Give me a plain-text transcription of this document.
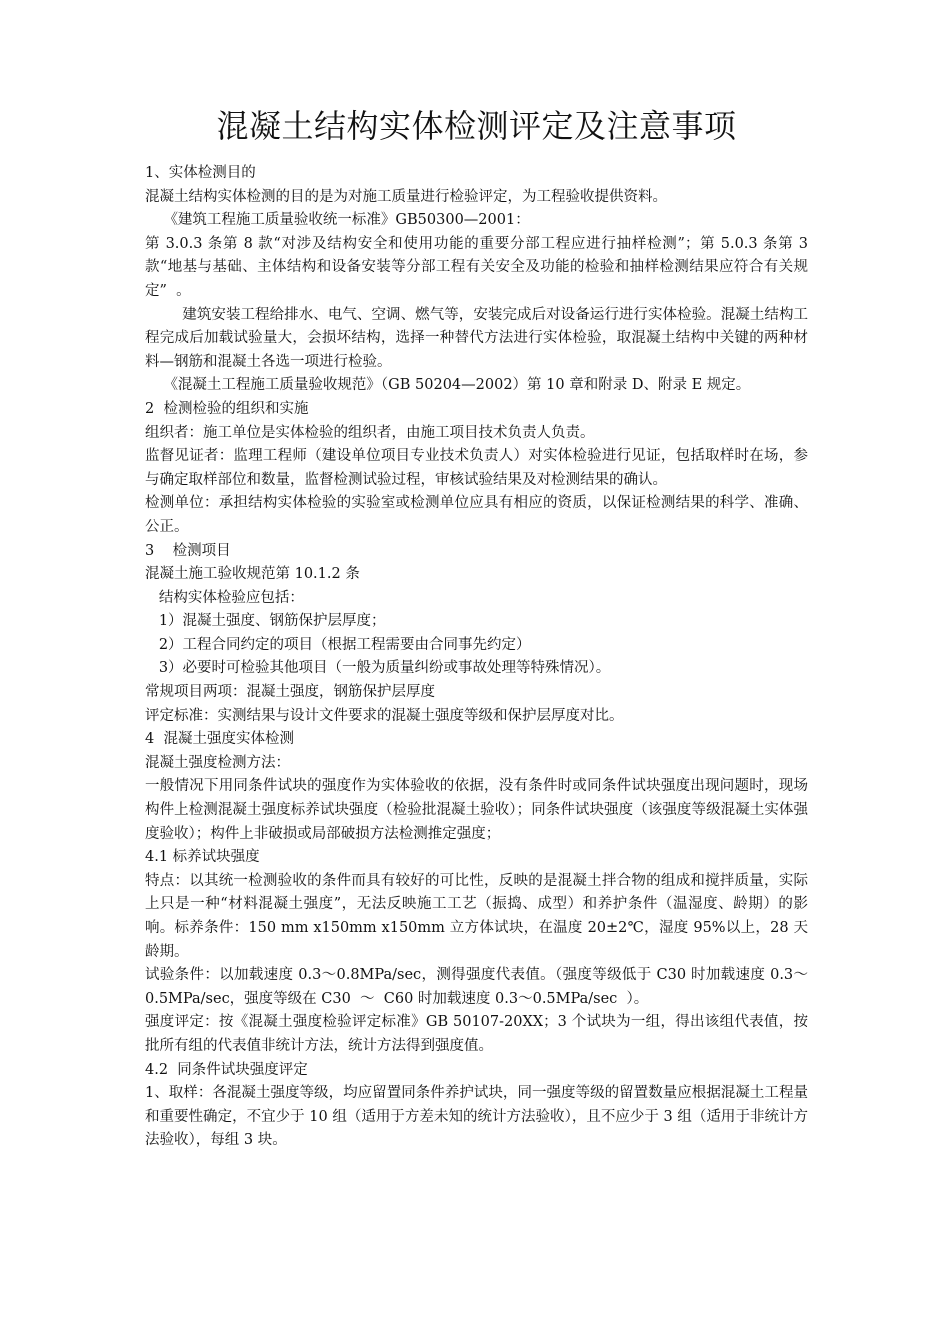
混凝土结构实体检测评定及注意事项

1、实体检测目的

混凝土结构实体检测的目的是为对施工质量进行检验评定，为工程验收提供资料。

《建筑工程施工质量验收统一标准》GB50300—2001：

第 3.0.3 条第 8 款“对涉及结构安全和使用功能的重要分部工程应进行抽样检测”；第 5.0.3 条第 3 款“地基与基础、主体结构和设备安装等分部工程有关安全及功能的检验和抽样检测结果应符合有关规定”  。

建筑安装工程给排水、电气、空调、燃气等，安装完成后对设备运行进行实体检验。混凝土结构工程完成后加载试验量大，会损坏结构，选择一种替代方法进行实体检验，取混凝土结构中关键的两种材料—钢筋和混凝土各选一项进行检验。

《混凝土工程施工质量验收规范》（GB 50204—2002）第 10 章和附录 D、附录 E 规定。

2  检测检验的组织和实施

组织者：施工单位是实体检验的组织者，由施工项目技术负责人负责。

监督见证者：监理工程师（建设单位项目专业技术负责人）对实体检验进行见证，包括取样时在场，参与确定取样部位和数量，监督检测试验过程，审核试验结果及对检测结果的确认。

检测单位：承担结构实体检验的实验室或检测单位应具有相应的资质，以保证检测结果的科学、准确、公正。

3    检测项目

混凝土施工验收规范第 10.1.2 条

结构实体检验应包括：

1）混凝土强度、钢筋保护层厚度；

2）工程合同约定的项目（根据工程需要由合同事先约定）

3）必要时可检验其他项目（一般为质量纠纷或事故处理等特殊情况）。

常规项目两项：混凝土强度，钢筋保护层厚度

评定标准：实测结果与设计文件要求的混凝土强度等级和保护层厚度对比。

4  混凝土强度实体检测

混凝土强度检测方法：

一般情况下用同条件试块的强度作为实体验收的依据，没有条件时或同条件试块强度出现问题时，现场构件上检测混凝土强度标养试块强度（检验批混凝土验收）；同条件试块强度（该强度等级混凝土实体强度验收）；构件上非破损或局部破损方法检测推定强度；

4.1 标养试块强度

特点：以其统一检测验收的条件而具有较好的可比性，反映的是混凝土拌合物的组成和搅拌质量，实际上只是一种“材料混凝土强度”，无法反映施工工艺（振捣、成型）和养护条件（温湿度、龄期）的影响。标养条件：150 mm x150mm x150mm 立方体试块，在温度 20±2℃，湿度 95%以上，28 天龄期。

试验条件：以加载速度 0.3～0.8MPa/sec，测得强度代表值。（强度等级低于 C30 时加载速度 0.3～0.5MPa/sec，强度等级在 C30  ～  C60 时加载速度 0.3～0.5MPa/sec  ）。

强度评定：按《混凝土强度检验评定标准》GB 50107-20XX；3 个试块为一组，得出该组代表值，按批所有组的代表值非统计方法，统计方法得到强度值。

4.2  同条件试块强度评定

1、取样：各混凝土强度等级，均应留置同条件养护试块，同一强度等级的留置数量应根据混凝土工程量和重要性确定，不宜少于 10 组（适用于方差未知的统计方法验收），且不应少于 3 组（适用于非统计方法验收），每组 3 块。
